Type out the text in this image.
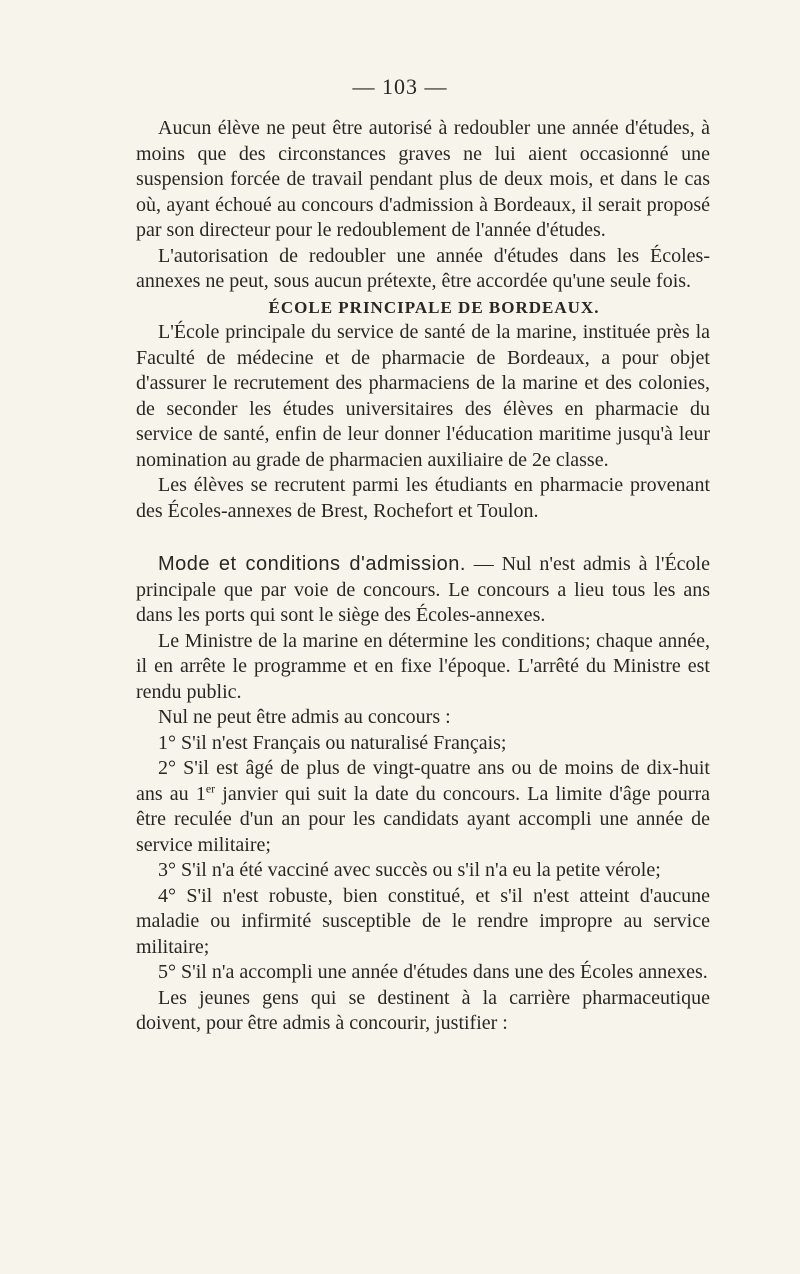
— 103 —

Aucun élève ne peut être autorisé à redoubler une année d'études, à moins que des circonstances graves ne lui aient occasionné une suspension forcée de travail pendant plus de deux mois, et dans le cas où, ayant échoué au concours d'admission à Bordeaux, il serait proposé par son directeur pour le redoublement de l'année d'études.

L'autorisation de redoubler une année d'études dans les Écoles-annexes ne peut, sous aucun prétexte, être accordée qu'une seule fois.

ÉCOLE PRINCIPALE DE BORDEAUX.

L'École principale du service de santé de la marine, instituée près la Faculté de médecine et de pharmacie de Bordeaux, a pour objet d'assurer le recrutement des pharmaciens de la marine et des colonies, de seconder les études universitaires des élèves en pharmacie du service de santé, enfin de leur donner l'éducation maritime jusqu'à leur nomination au grade de pharmacien auxiliaire de 2e classe.

Les élèves se recrutent parmi les étudiants en pharmacie provenant des Écoles-annexes de Brest, Rochefort et Toulon.

Mode et conditions d'admission. — Nul n'est admis à l'École principale que par voie de concours. Le concours a lieu tous les ans dans les ports qui sont le siège des Écoles-annexes.

Le Ministre de la marine en détermine les conditions; chaque année, il en arrête le programme et en fixe l'époque. L'arrêté du Ministre est rendu public.

Nul ne peut être admis au concours :

1° S'il n'est Français ou naturalisé Français;

2° S'il est âgé de plus de vingt-quatre ans ou de moins de dix-huit ans au 1er janvier qui suit la date du concours. La limite d'âge pourra être reculée d'un an pour les candidats ayant accompli une année de service militaire;

3° S'il n'a été vacciné avec succès ou s'il n'a eu la petite vérole;

4° S'il n'est robuste, bien constitué, et s'il n'est atteint d'aucune maladie ou infirmité susceptible de le rendre impropre au service militaire;

5° S'il n'a accompli une année d'études dans une des Écoles annexes.

Les jeunes gens qui se destinent à la carrière pharmaceutique doivent, pour être admis à concourir, justifier :
